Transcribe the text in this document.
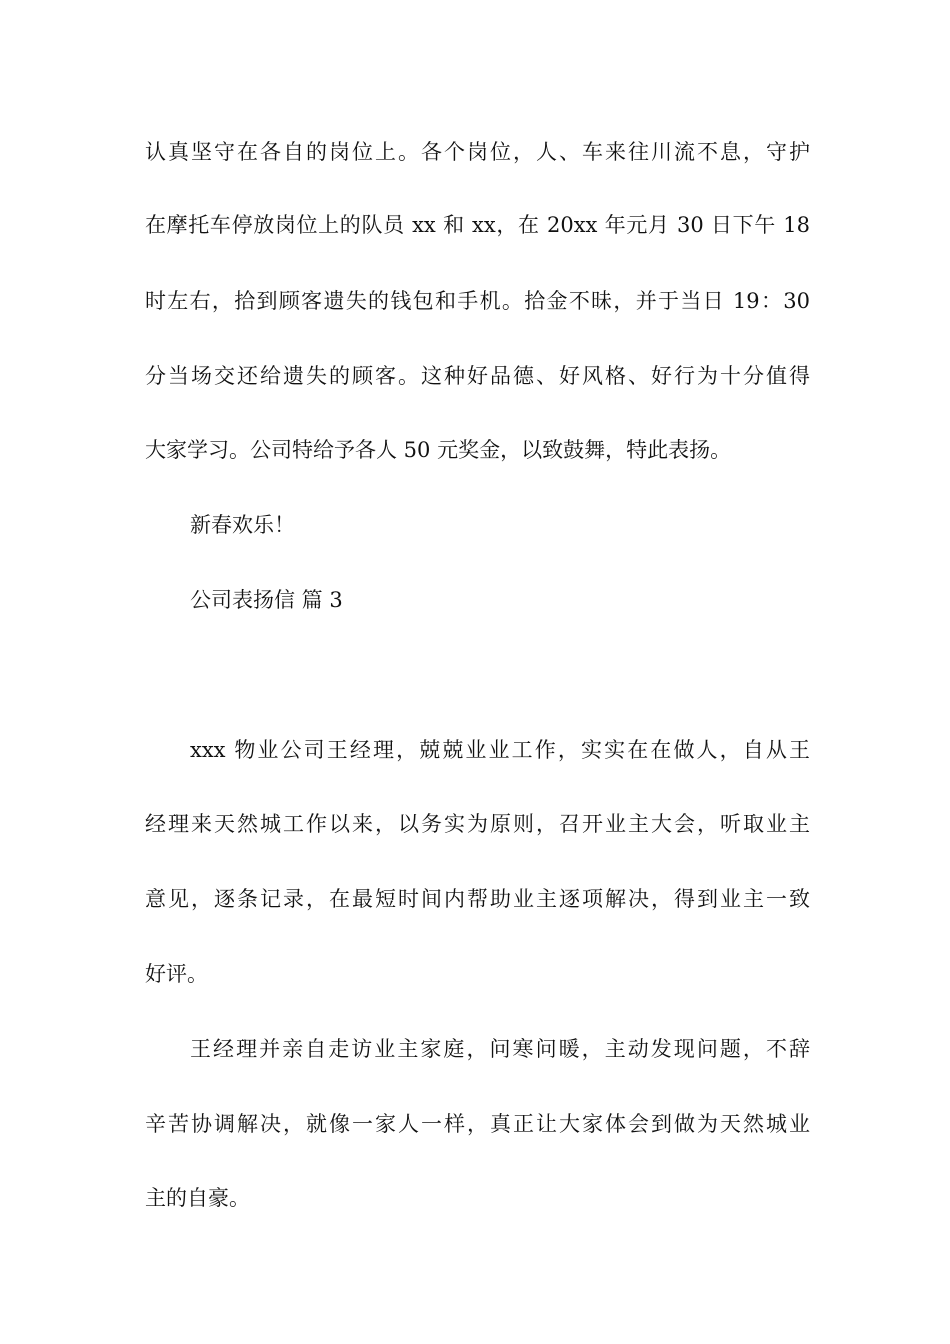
认真坚守在各自的岗位上。各个岗位，人、车来往川流不息，守护
在摩托车停放岗位上的队员 xx 和 xx，在 20xx 年元月 30 日下午 18
时左右，拾到顾客遗失的钱包和手机。拾金不昧，并于当日 19：30
分当场交还给遗失的顾客。这种好品德、好风格、好行为十分值得
大家学习。公司特给予各人 50 元奖金，以致鼓舞，特此表扬。
新春欢乐！
公司表扬信 篇 3
xxx 物业公司王经理，兢兢业业工作，实实在在做人，自从王
经理来天然城工作以来，以务实为原则，召开业主大会，听取业主
意见，逐条记录，在最短时间内帮助业主逐项解决，得到业主一致
好评。
王经理并亲自走访业主家庭，问寒问暖，主动发现问题，不辞
辛苦协调解决，就像一家人一样，真正让大家体会到做为天然城业
主的自豪。
